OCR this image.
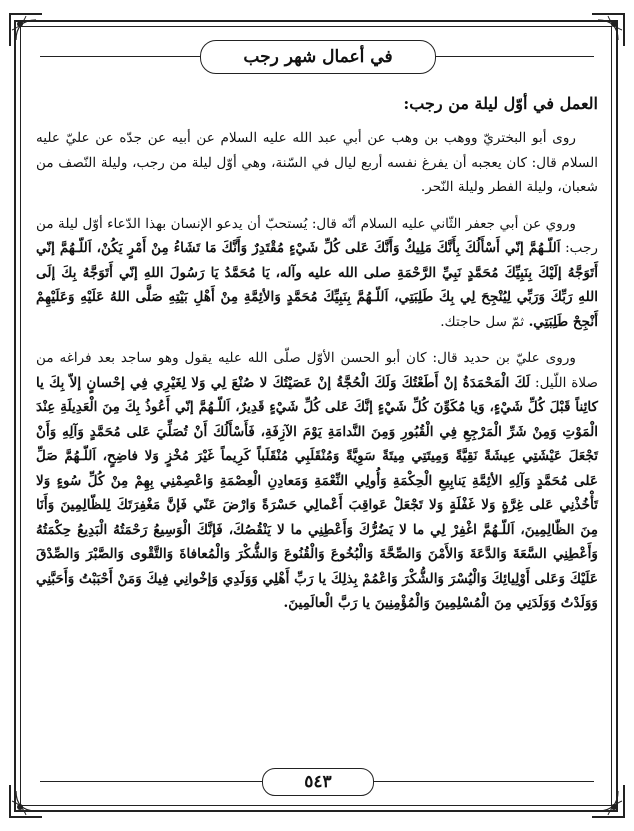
في أعمال شهر رجب
العمل في أوّل ليلة من رجب:

روى أبو البختريّ ووهب بن وهب عن أبي عبد الله عليه السلام عن أبيه عن جدّه عن عليّ عليه السلام قال: كان يعجبه أن يفرغ نفسه أربع ليال في السّنة، وهي أوّل ليلة من رجب، وليلة النّصف من شعبان، وليلة الفطر وليلة النّحر.

وروي عن أبي جعفر الثّاني عليه السلام أنّه قال: يُستحبّ أن يدعو الإنسان بهذا الدّعاء أوّل ليلة من رجب: اَللّـهُمَّ إنّي أَسْأَلُكَ بِأَنَّكَ مَلِيكٌ وَأَنَّكَ عَلى كُلِّ شَيْءٍ مُقْتَدِرٌ وَأَنَّكَ مَا تَشَاءُ مِنْ أَمْرٍ يَكُنْ، اَللّـهُمَّ إنّي أَتَوَجَّهُ إلَيْكَ بِنَبِيِّكَ مُحَمَّدٍ نَبِيِّ الرَّحْمَةِ صلى الله عليه وآله، يَا مُحَمَّدُ يَا رَسُولَ اللهِ إنّي أَتَوَجَّهُ بِكَ إلَى اللهِ رَبِّكَ وَرَبِّي لِيُنْجِحَ لِي بِكَ طَلِبَتِي، اَللّـهُمَّ بِنَبِيِّكَ مُحَمَّدٍ وَالأئِمَّةِ مِنْ أَهْلِ بَيْتِهِ صَلَّى اللهُ عَلَيْهِ وَعَلَيْهِمْ أَنْجِحْ طَلِبَتِي. ثمّ سل حاجتك.

وروى عليّ بن حديد قال: كان أبو الحسن الأوّل صلّى الله عليه يقول وهو ساجد بعد فراغه من صلاة اللّيل: لَكَ الْمَحْمَدَةُ إنْ أَطَعْتُكَ وَلَكَ الْحُجَّةُ إنْ عَصَيْتُكَ لا صُنْعَ لِي وَلا لِغَيْرِي فِي إحْسانٍ إلاّ بِكَ يا كائِناً قَبْلَ كُلِّ شَيْءٍ، وَيا مُكَوِّنَ كُلِّ شَيْءٍ إنَّكَ عَلى كُلِّ شَيْءٍ قَدِيرٌ، اَللّـهُمَّ إنّي أَعُوذُ بِكَ مِنَ الْعَدِيلَةِ عِنْدَ الْمَوْتِ وَمِنْ شَرِّ الْمَرْجِعِ فِي الْقُبُورِ وَمِنَ النَّدامَةِ يَوْمَ الآزِفَةِ، فَأَسْأَلُكَ أَنْ تُصَلِّيَ عَلى مُحَمَّدٍ وَآلِهِ وَأَنْ تَجْعَلَ عَيْشَتِي عِيشَةً نَقِيَّةً وَمِيتَتِي مِيتَةً سَوِيَّةً وَمُنْقَلَبِي مُنْقَلَباً كَرِيماً غَيْرَ مُخْزٍ وَلا فاضِحٍ، اَللّـهُمَّ صَلِّ عَلى مُحَمَّدٍ وَآلِهِ الأئِمَّةِ يَنابِيعِ الْحِكْمَةِ وَأُولِي النِّعْمَةِ وَمَعادِنِ الْعِصْمَةِ وَاعْصِمْنِي بِهِمْ مِنْ كُلِّ سُوءٍ وَلا تَأْخُذْنِي عَلى غِرَّةٍ وَلا غَفْلَةٍ وَلا تَجْعَلْ عَواقِبَ أَعْمالِي حَسْرَةً وَارْضَ عَنّي فَإنَّ مَغْفِرَتَكَ لِلظّالِمِينَ وَأَنَا مِنَ الظّالِمِينَ، اَللّـهُمَّ اغْفِرْ لِي ما لا يَضُرُّكَ وَأَعْطِنِي ما لا يَنْقُصُكَ، فَإنَّكَ الْوَسِيعُ رَحْمَتُهُ الْبَدِيعُ حِكْمَتُهُ وَأَعْطِنِي السَّعَةَ وَالدَّعَةَ وَالأَمْنَ وَالصِّحَّةَ وَالْبُخُوعَ وَالْقُنُوعَ وَالشُّكْرَ وَالْمُعافاةَ وَالتَّقْوى وَالصَّبْرَ وَالصِّدْقَ عَلَيْكَ وَعَلى أَوْلِيائِكَ وَالْيُسْرَ وَالشُّكْرَ وَاعْمُمْ بِذلِكَ يا رَبِّ أَهْلِي وَوَلَدِي وَإخْوانِي فِيكَ وَمَنْ أَحْبَبْتُ وَأَحَبَّنِي وَوَلَدْتُ وَوَلَدَنِي مِنَ الْمُسْلِمِينَ وَالْمُؤْمِنِينَ يا رَبَّ الْعالَمِينَ.

٥٤٣
